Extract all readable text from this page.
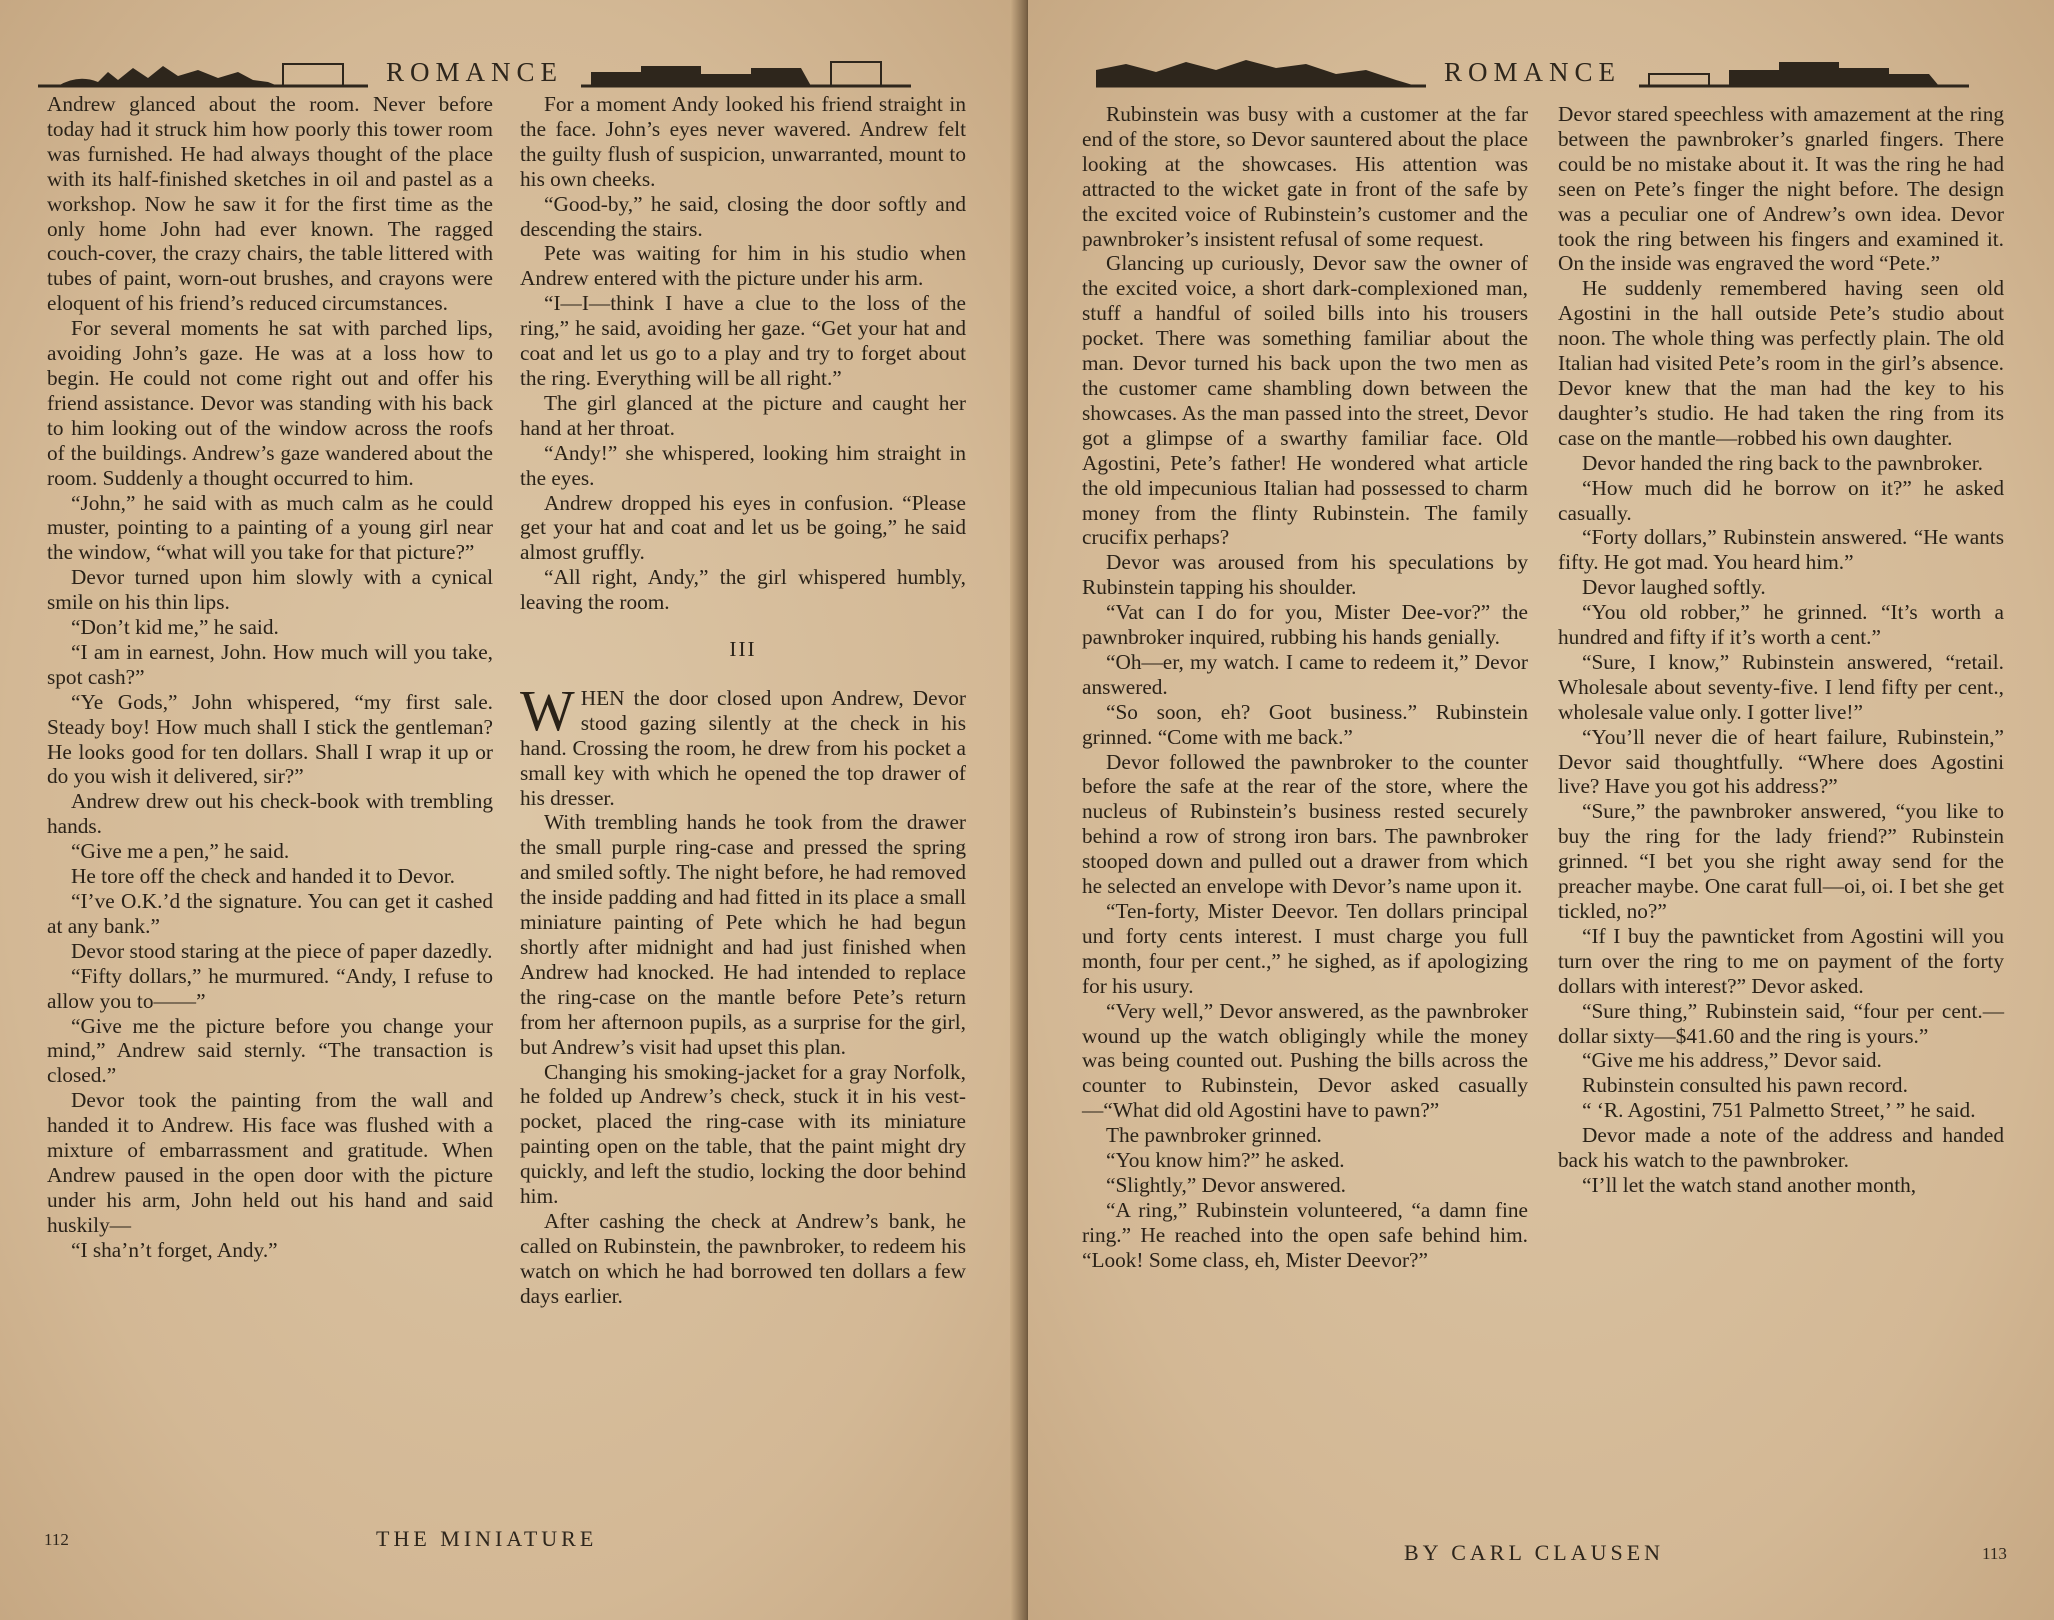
ROMANCE

Andrew glanced about the room. Never before today had it struck him how poorly this tower room was furnished. He had always thought of the place with its half-finished sketches in oil and pastel as a workshop. Now he saw it for the first time as the only home John had ever known. The ragged couch-cover, the crazy chairs, the table littered with tubes of paint, worn-out brushes, and crayons were eloquent of his friend’s reduced circumstances.

For several moments he sat with parched lips, avoiding John’s gaze. He was at a loss how to begin. He could not come right out and offer his friend assistance. Devor was standing with his back to him looking out of the window across the roofs of the buildings. Andrew’s gaze wandered about the room. Suddenly a thought occurred to him.

“John,” he said with as much calm as he could muster, pointing to a painting of a young girl near the window, “what will you take for that picture?”

Devor turned upon him slowly with a cynical smile on his thin lips.

“Don’t kid me,” he said.

“I am in earnest, John. How much will you take, spot cash?”

“Ye Gods,” John whispered, “my first sale. Steady boy! How much shall I stick the gentleman? He looks good for ten dollars. Shall I wrap it up or do you wish it delivered, sir?”

Andrew drew out his check-book with trembling hands.

“Give me a pen,” he said.

He tore off the check and handed it to Devor.

“I’ve O.K.’d the signature. You can get it cashed at any bank.”

Devor stood staring at the piece of paper dazedly.

“Fifty dollars,” he murmured. “Andy, I refuse to allow you to——”

“Give me the picture before you change your mind,” Andrew said sternly. “The transaction is closed.”

Devor took the painting from the wall and handed it to Andrew. His face was flushed with a mixture of embarrassment and gratitude. When Andrew paused in the open door with the picture under his arm, John held out his hand and said huskily—

“I sha’n’t forget, Andy.”

For a moment Andy looked his friend straight in the face. John’s eyes never wavered. Andrew felt the guilty flush of suspicion, unwarranted, mount to his own cheeks.

“Good-by,” he said, closing the door softly and descending the stairs.

Pete was waiting for him in his studio when Andrew entered with the picture under his arm.

“I—I—think I have a clue to the loss of the ring,” he said, avoiding her gaze. “Get your hat and coat and let us go to a play and try to forget about the ring. Everything will be all right.”

The girl glanced at the picture and caught her hand at her throat.

“Andy!” she whispered, looking him straight in the eyes.

Andrew dropped his eyes in confusion. “Please get your hat and coat and let us be going,” he said almost gruffly.

“All right, Andy,” the girl whispered humbly, leaving the room.

III

WHEN the door closed upon Andrew, Devor stood gazing silently at the check in his hand. Crossing the room, he drew from his pocket a small key with which he opened the top drawer of his dresser.

With trembling hands he took from the drawer the small purple ring-case and pressed the spring and smiled softly. The night before, he had removed the inside padding and had fitted in its place a small miniature painting of Pete which he had begun shortly after midnight and had just finished when Andrew had knocked. He had intended to replace the ring-case on the mantle before Pete’s return from her afternoon pupils, as a surprise for the girl, but Andrew’s visit had upset this plan.

Changing his smoking-jacket for a gray Norfolk, he folded up Andrew’s check, stuck it in his vest-pocket, placed the ring-case with its miniature painting open on the table, that the paint might dry quickly, and left the studio, locking the door behind him.

After cashing the check at Andrew’s bank, he called on Rubinstein, the pawnbroker, to redeem his watch on which he had borrowed ten dollars a few days earlier.

112	THE MINIATURE
ROMANCE

Rubinstein was busy with a customer at the far end of the store, so Devor sauntered about the place looking at the showcases. His attention was attracted to the wicket gate in front of the safe by the excited voice of Rubinstein’s customer and the pawnbroker’s insistent refusal of some request.

Glancing up curiously, Devor saw the owner of the excited voice, a short dark-complexioned man, stuff a handful of soiled bills into his trousers pocket. There was something familiar about the man. Devor turned his back upon the two men as the customer came shambling down between the showcases. As the man passed into the street, Devor got a glimpse of a swarthy familiar face. Old Agostini, Pete’s father! He wondered what article the old impecunious Italian had possessed to charm money from the flinty Rubinstein. The family crucifix perhaps?

Devor was aroused from his speculations by Rubinstein tapping his shoulder.

“Vat can I do for you, Mister Dee-vor?” the pawnbroker inquired, rubbing his hands genially.

“Oh—er, my watch. I came to redeem it,” Devor answered.

“So soon, eh? Goot business.” Rubinstein grinned. “Come with me back.”

Devor followed the pawnbroker to the counter before the safe at the rear of the store, where the nucleus of Rubinstein’s business rested securely behind a row of strong iron bars. The pawnbroker stooped down and pulled out a drawer from which he selected an envelope with Devor’s name upon it.

“Ten-forty, Mister Deevor. Ten dollars principal und forty cents interest. I must charge you full month, four per cent.,” he sighed, as if apologizing for his usury.

“Very well,” Devor answered, as the pawnbroker wound up the watch obligingly while the money was being counted out. Pushing the bills across the counter to Rubinstein, Devor asked casually—“What did old Agostini have to pawn?”

The pawnbroker grinned.

“You know him?” he asked.

“Slightly,” Devor answered.

“A ring,” Rubinstein volunteered, “a damn fine ring.” He reached into the open safe behind him. “Look! Some class, eh, Mister Deevor?”

Devor stared speechless with amazement at the ring between the pawnbroker’s gnarled fingers. There could be no mistake about it. It was the ring he had seen on Pete’s finger the night before. The design was a peculiar one of Andrew’s own idea. Devor took the ring between his fingers and examined it. On the inside was engraved the word “Pete.”

He suddenly remembered having seen old Agostini in the hall outside Pete’s studio about noon. The whole thing was perfectly plain. The old Italian had visited Pete’s room in the girl’s absence. Devor knew that the man had the key to his daughter’s studio. He had taken the ring from its case on the mantle—robbed his own daughter.

Devor handed the ring back to the pawnbroker.

“How much did he borrow on it?” he asked casually.

“Forty dollars,” Rubinstein answered. “He wants fifty. He got mad. You heard him.”

Devor laughed softly.

“You old robber,” he grinned. “It’s worth a hundred and fifty if it’s worth a cent.”

“Sure, I know,” Rubinstein answered, “retail. Wholesale about seventy-five. I lend fifty per cent., wholesale value only. I gotter live!”

“You’ll never die of heart failure, Rubinstein,” Devor said thoughtfully. “Where does Agostini live? Have you got his address?”

“Sure,” the pawnbroker answered, “you like to buy the ring for the lady friend?” Rubinstein grinned. “I bet you she right away send for the preacher maybe. One carat full—oi, oi. I bet she get tickled, no?”

“If I buy the pawnticket from Agostini will you turn over the ring to me on payment of the forty dollars with interest?” Devor asked.

“Sure thing,” Rubinstein said, “four per cent.—dollar sixty—$41.60 and the ring is yours.”

“Give me his address,” Devor said.

Rubinstein consulted his pawn record.

“ ‘R. Agostini, 751 Palmetto Street,’ ” he said.

Devor made a note of the address and handed back his watch to the pawnbroker.

“I’ll let the watch stand another month,

BY CARL CLAUSEN	113
